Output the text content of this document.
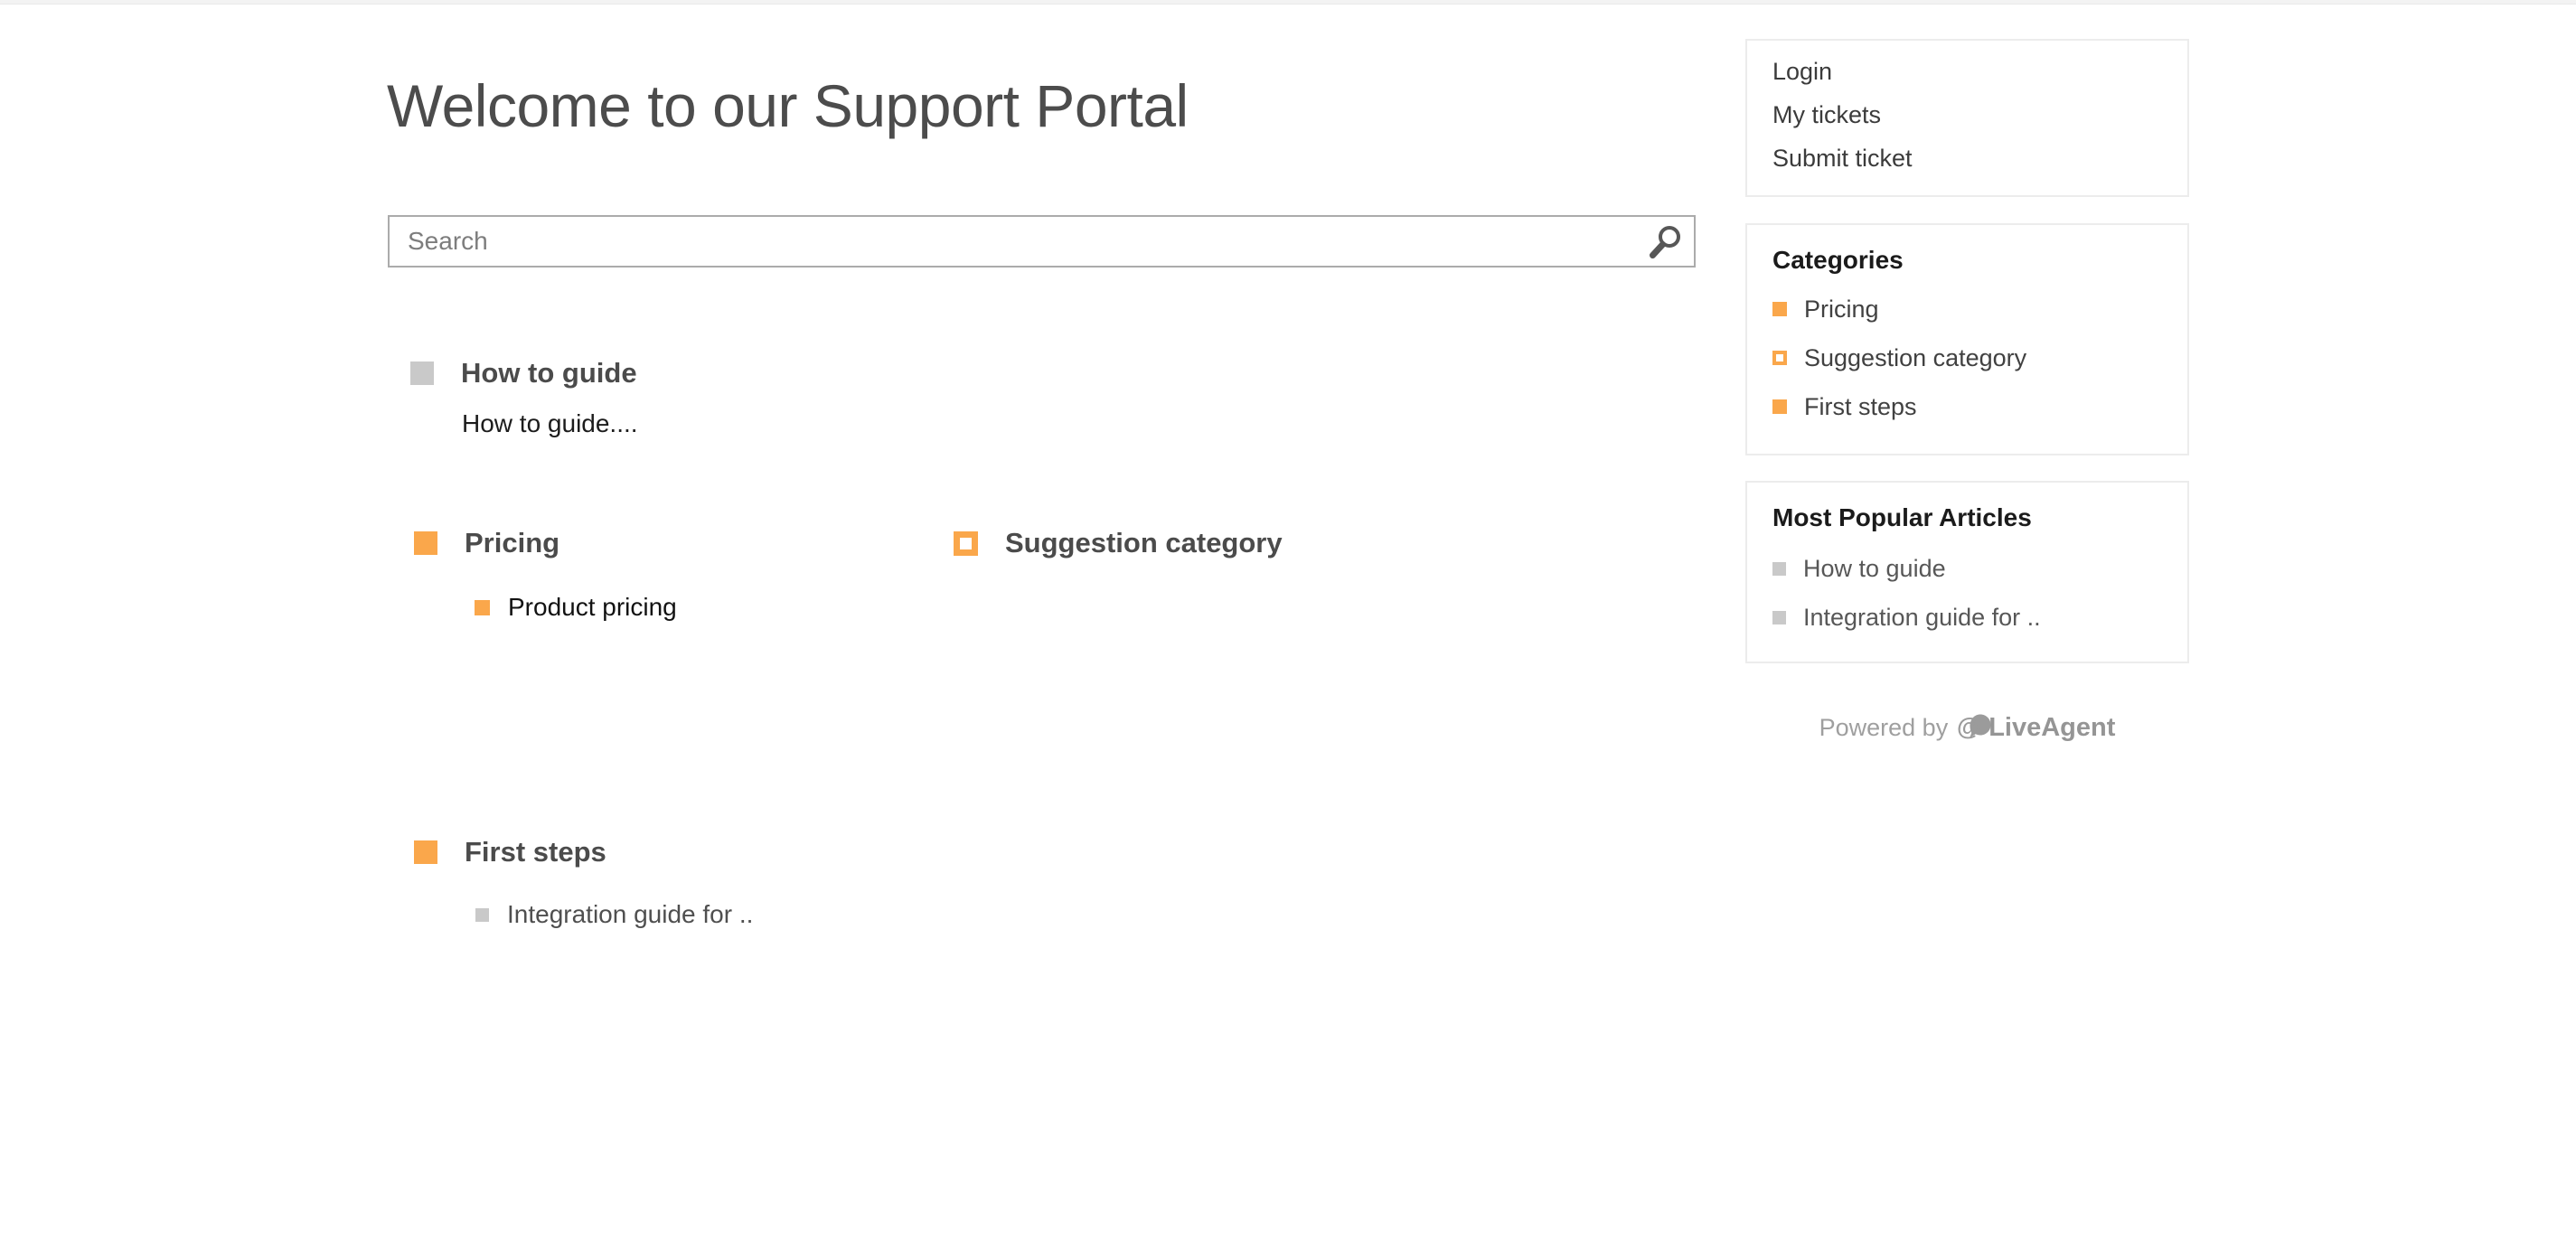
Welcome to our Support Portal
Search
How to guide
How to guide....
Pricing
Product pricing
Suggestion category
First steps
Integration guide for ..
Login
My tickets
Submit ticket
Categories
Pricing
Suggestion category
First steps
Most Popular Articles
How to guide
Integration guide for ..
Powered by @ LiveAgent
